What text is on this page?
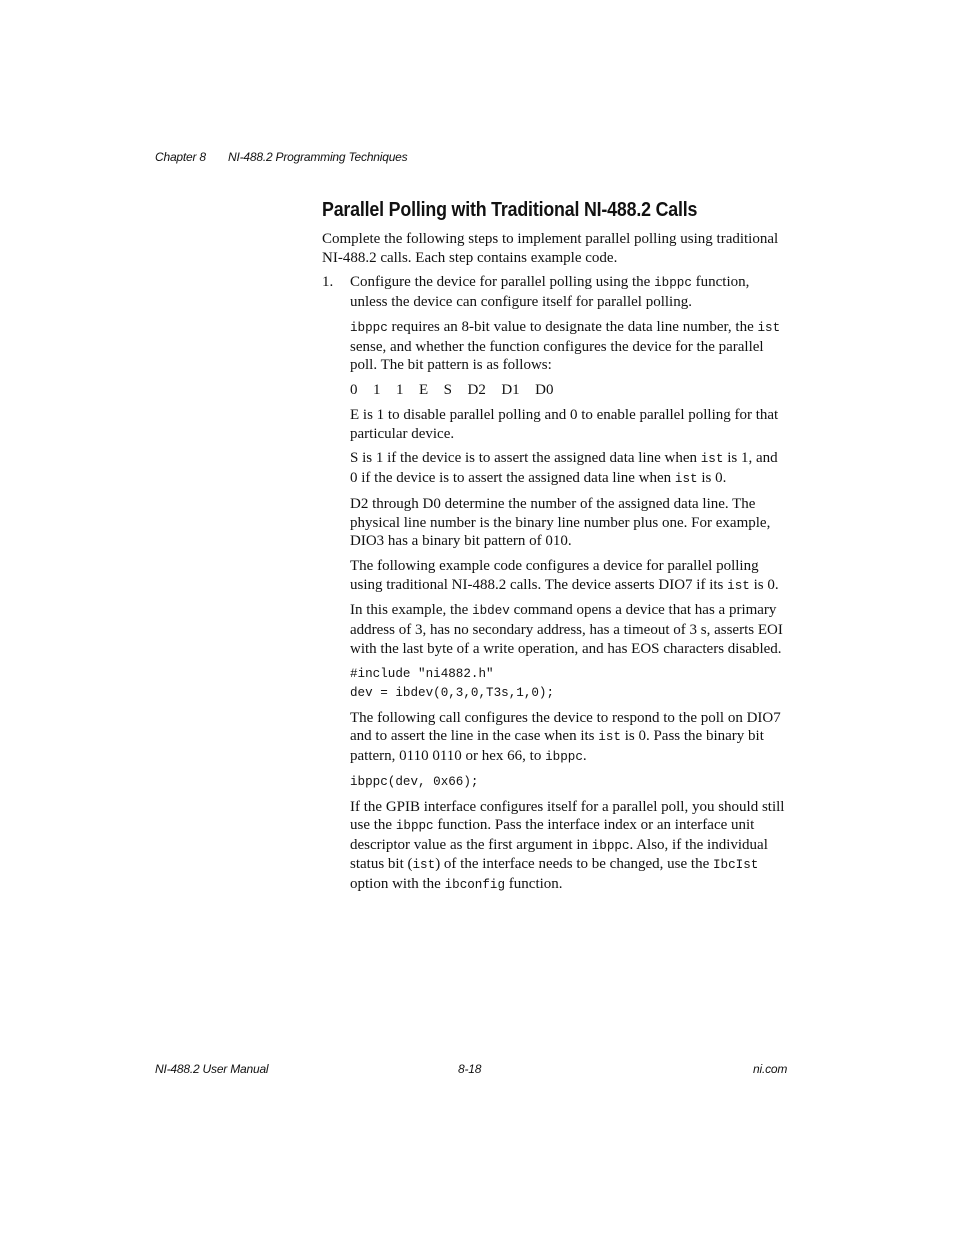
Chapter 8 NI-488.2 Programming Techniques
Parallel Polling with Traditional NI-488.2 Calls

Complete the following steps to implement parallel polling using traditional NI-488.2 calls. Each step contains example code.

1. Configure the device for parallel polling using the ibppc function, unless the device can configure itself for parallel polling.

ibppc requires an 8-bit value to designate the data line number, the ist sense, and whether the function configures the device for the parallel poll. The bit pattern is as follows:

0  1  1  E  S  D2  D1  D0

E is 1 to disable parallel polling and 0 to enable parallel polling for that particular device.

S is 1 if the device is to assert the assigned data line when ist is 1, and 0 if the device is to assert the assigned data line when ist is 0.

D2 through D0 determine the number of the assigned data line. The physical line number is the binary line number plus one. For example, DIO3 has a binary bit pattern of 010.

The following example code configures a device for parallel polling using traditional NI-488.2 calls. The device asserts DIO7 if its ist is 0.

In this example, the ibdev command opens a device that has a primary address of 3, has no secondary address, has a timeout of 3 s, asserts EOI with the last byte of a write operation, and has EOS characters disabled.

#include "ni4882.h"
dev = ibdev(0,3,0,T3s,1,0);

The following call configures the device to respond to the poll on DIO7 and to assert the line in the case when its ist is 0. Pass the binary bit pattern, 0110 0110 or hex 66, to ibppc.

ibppc(dev, 0x66);

If the GPIB interface configures itself for a parallel poll, you should still use the ibppc function. Pass the interface index or an interface unit descriptor value as the first argument in ibppc. Also, if the individual status bit (ist) of the interface needs to be changed, use the IbcIst option with the ibconfig function.

NI-488.2 User Manual	8-18	ni.com
